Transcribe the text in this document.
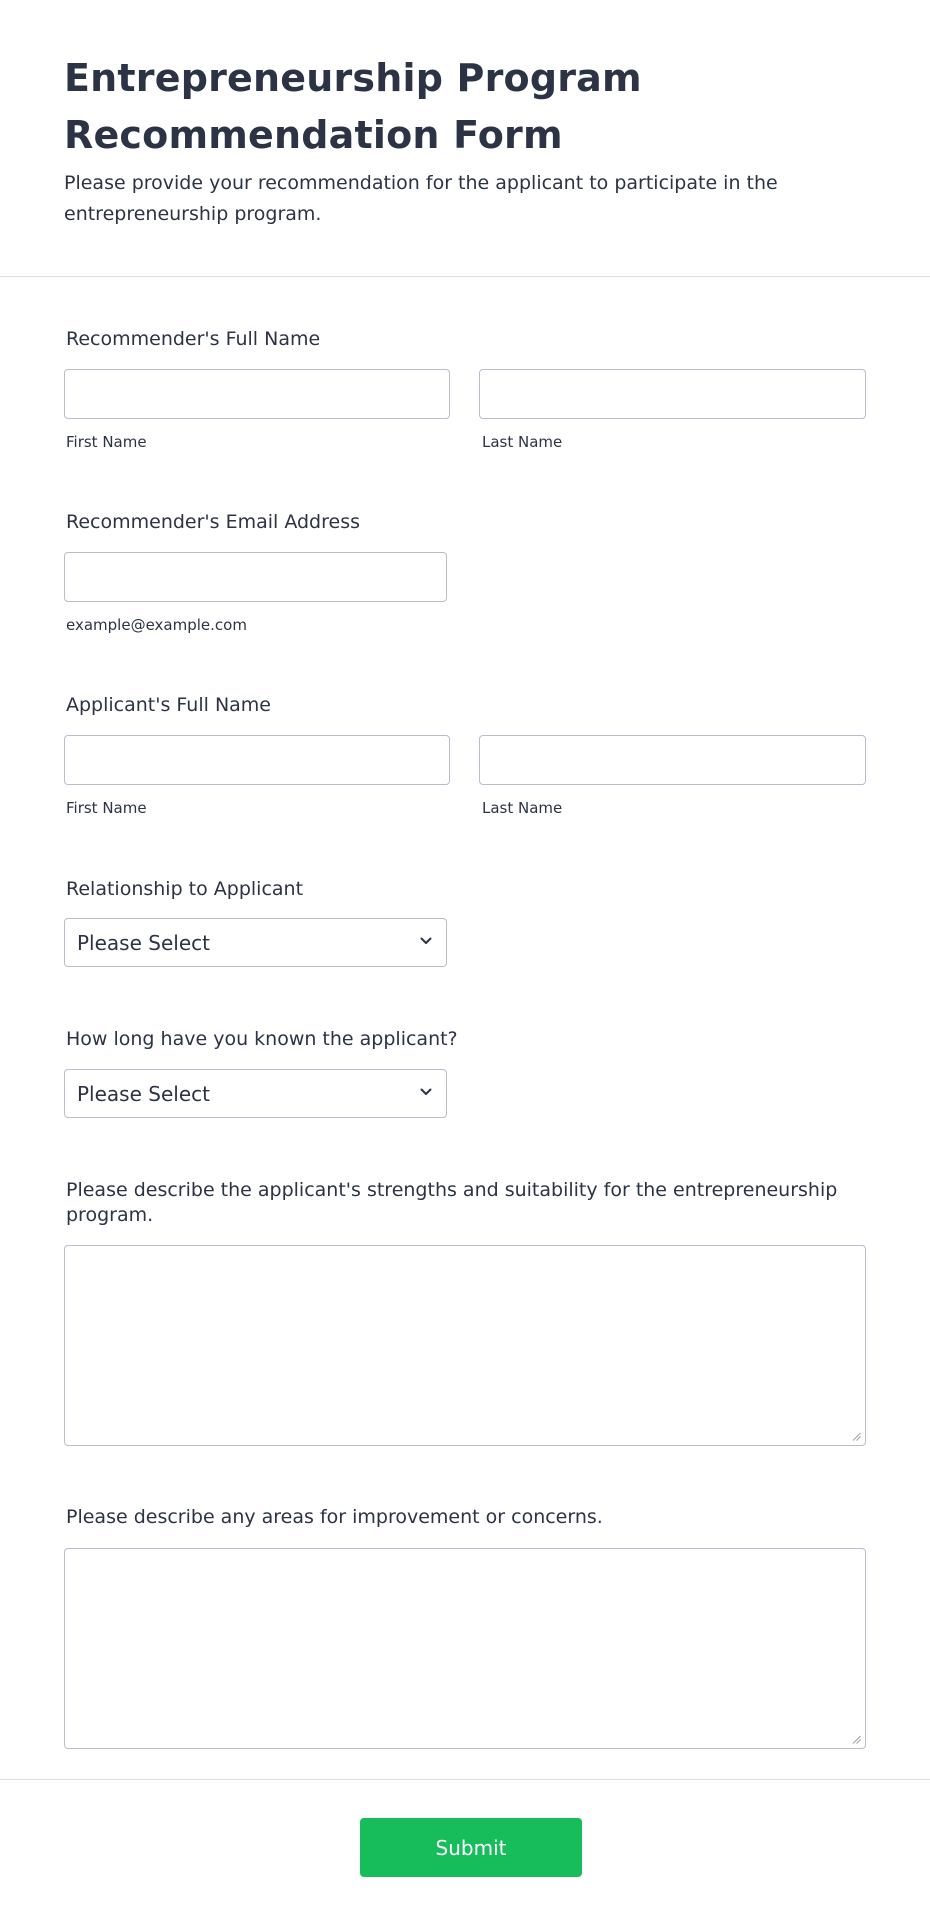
Entrepreneurship Program Recommendation Form

Please provide your recommendation for the applicant to participate in the entrepreneurship program.

Recommender's Full Name
First Name	Last Name
Recommender's Email Address
example@example.com
Applicant's Full Name
First Name	Last Name
Relationship to Applicant
Please Select
How long have you known the applicant?
Please Select
Please describe the applicant's strengths and suitability for the entrepreneurship program.
Please describe any areas for improvement or concerns.
Submit
